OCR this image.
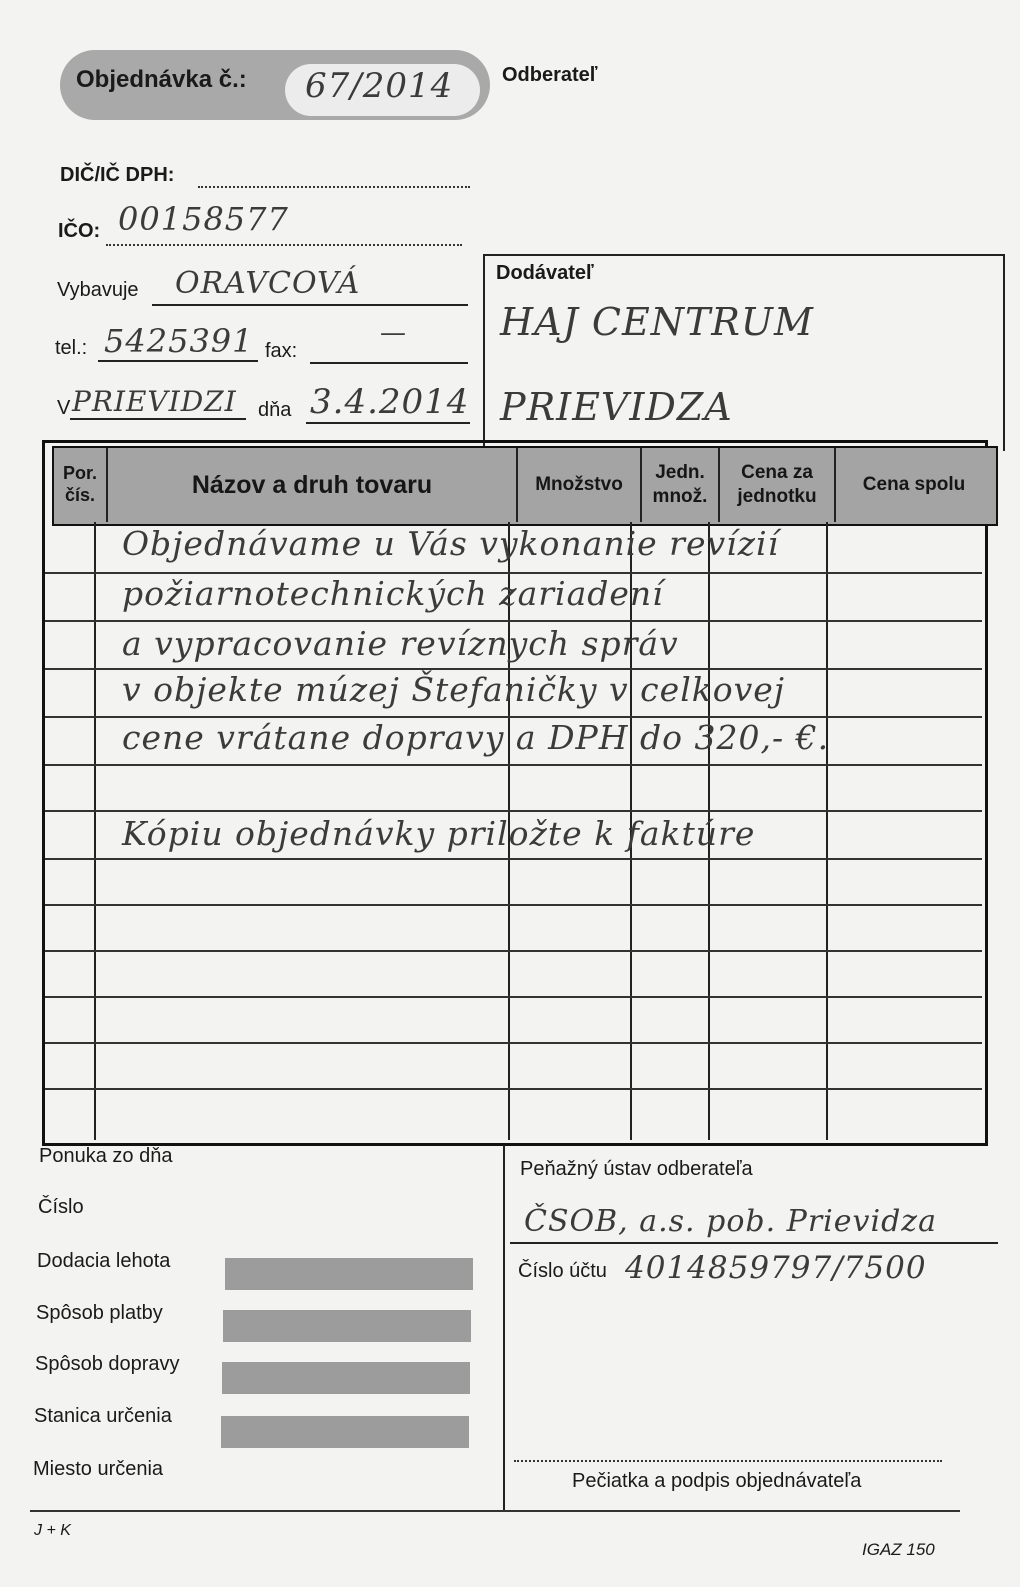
Objednávka č.: 67/2014 Odberateľ
DIČ/IČ DPH:
IČO: 00158577
Vybavuje ORAVCOVÁ
tel.: 5425391 fax:
—
V PRIEVIDZI dňa 3.4.2014
Dodávateľ
HAJ CENTRUM
PRIEVIDZA
Por. čís.	Názov a druh tovaru	Množstvo
Jedn. množ.
Cena za jednotku
Cena spolu
Objednávame u Vás vykonanie revízií
požiarnotechnických zariadení
a vypracovanie revíznych správ
v objekte múzej Štefaničky v celkovej
cene vrátane dopravy a DPH do 320,- €.
Kópiu objednávky priložte k faktúre
Ponuka zo dňa
Číslo
Dodacia lehota
Spôsob platby
Spôsob dopravy
Stanica určenia
Miesto určenia
Peňažný ústav odberateľa
ČSOB, a.s. pob. Prievidza
Číslo účtu 4014859797/7500
Pečiatka a podpis objednávateľa
J + K
IGAZ 150
